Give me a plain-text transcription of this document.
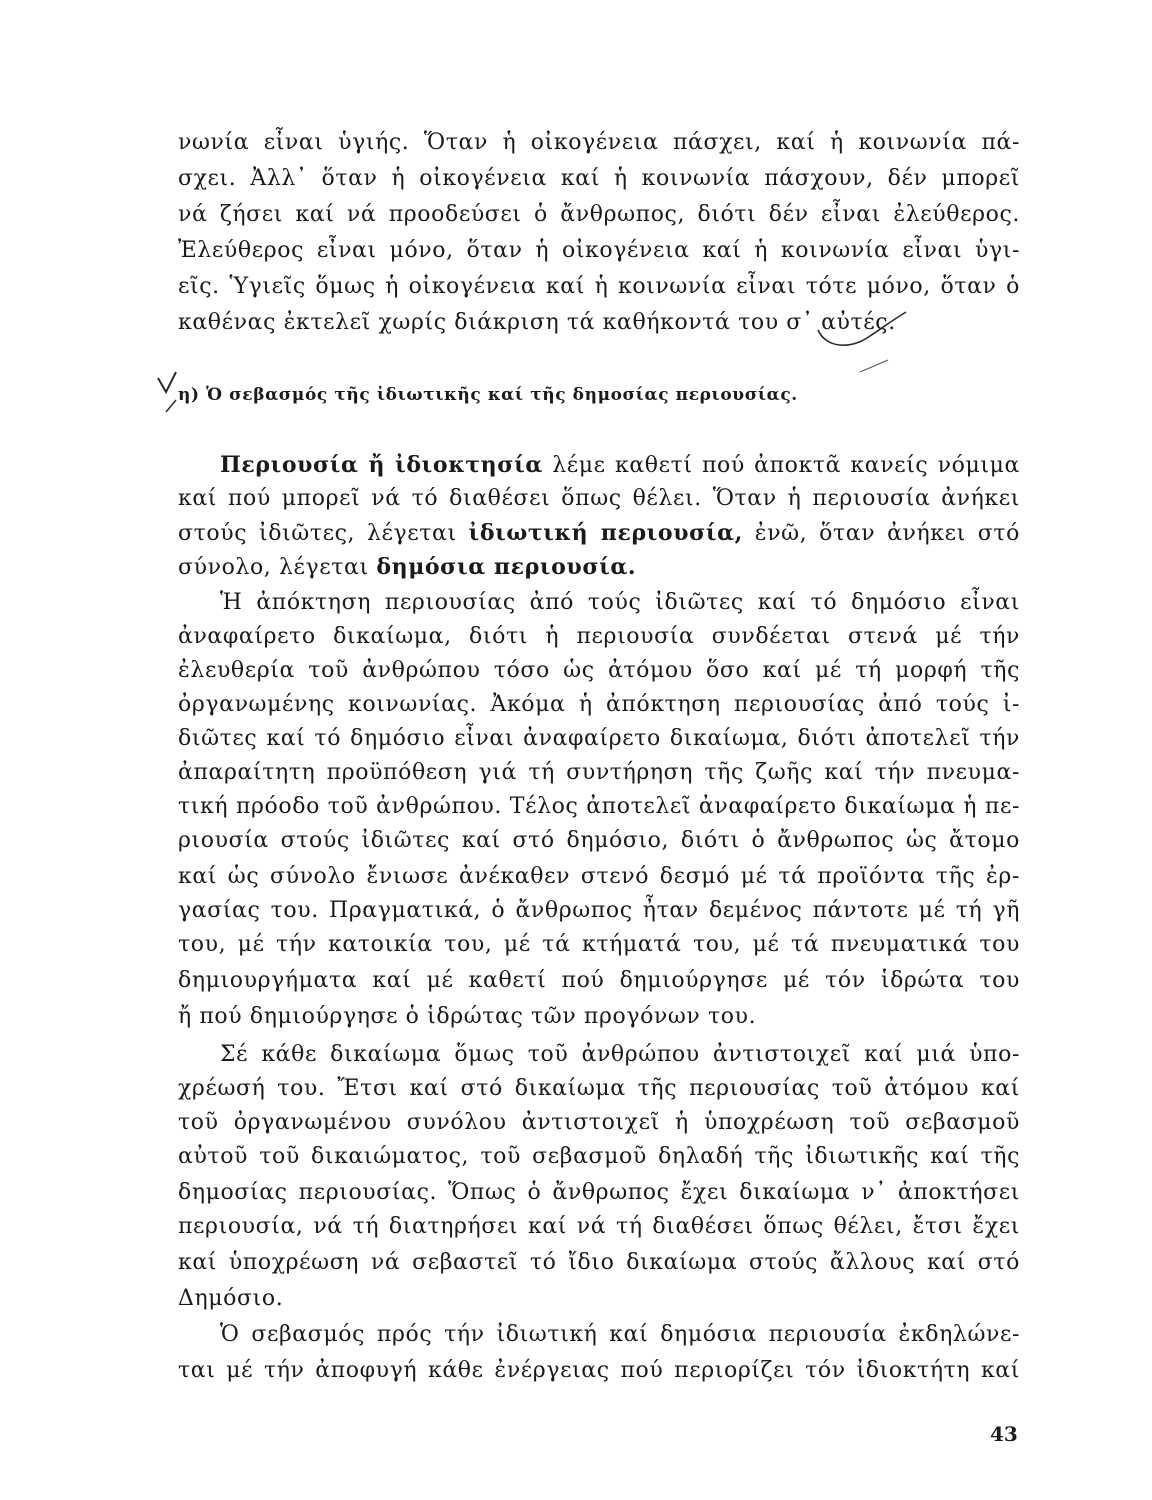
νωνία εἶναι ὑγιής. Ὅταν ἡ οἰκογένεια πάσχει, καί ἡ κοινωνία πά-
σχει. Ἀλλ᾽ ὅταν ἡ οἰκογένεια καί ἡ κοινωνία πάσχουν, δέν μπορεῖ
νά ζήσει καί νά προοδεύσει ὁ ἄνθρωπος, διότι δέν εἶναι ἐλεύθερος.
Ἐλεύθερος εἶναι μόνο, ὅταν ἡ οἰκογένεια καί ἡ κοινωνία εἶναι ὑγι-
εῖς. Ὑγιεῖς ὅμως ἡ οἰκογένεια καί ἡ κοινωνία εἶναι τότε μόνο, ὅταν ὁ
καθένας ἐκτελεῖ χωρίς διάκριση τά καθήκοντά του σ᾽ αὐτές.
η) Ὁ σεβασμός τῆς ἰδιωτικῆς καί τῆς δημοσίας περιουσίας.
Περιουσία ἤ ἰδιοκτησία λέμε καθετί πού ἀποκτᾶ κανείς νόμιμα
καί πού μπορεῖ νά τό διαθέσει ὅπως θέλει. Ὅταν ἡ περιουσία ἀνήκει
στούς ἰδιῶτες, λέγεται ἰδιωτική περιουσία, ἐνῶ, ὅταν ἀνήκει στό
σύνολο, λέγεται δημόσια περιουσία.
Ἡ ἀπόκτηση περιουσίας ἀπό τούς ἰδιῶτες καί τό δημόσιο εἶναι
ἀναφαίρετο δικαίωμα, διότι ἡ περιουσία συνδέεται στενά μέ τήν
ἐλευθερία τοῦ ἀνθρώπου τόσο ὡς ἀτόμου ὅσο καί μέ τή μορφή τῆς
ὀργανωμένης κοινωνίας. Ἀκόμα ἡ ἀπόκτηση περιουσίας ἀπό τούς ἰ-
διῶτες καί τό δημόσιο εἶναι ἀναφαίρετο δικαίωμα, διότι ἀποτελεῖ τήν
ἀπαραίτητη προϋπόθεση γιά τή συντήρηση τῆς ζωῆς καί τήν πνευμα-
τική πρόοδο τοῦ ἀνθρώπου. Τέλος ἀποτελεῖ ἀναφαίρετο δικαίωμα ἡ πε-
ριουσία στούς ἰδιῶτες καί στό δημόσιο, διότι ὁ ἄνθρωπος ὡς ἄτομο
καί ὡς σύνολο ἔνιωσε ἀνέκαθεν στενό δεσμό μέ τά προϊόντα τῆς ἐρ-
γασίας του. Πραγματικά, ὁ ἄνθρωπος ἦταν δεμένος πάντοτε μέ τή γῆ
του, μέ τήν κατοικία του, μέ τά κτήματά του, μέ τά πνευματικά του
δημιουργήματα καί μέ καθετί πού δημιούργησε μέ τόν ἱδρώτα του
ἤ πού δημιούργησε ὁ ἱδρώτας τῶν προγόνων του.
Σέ κάθε δικαίωμα ὅμως τοῦ ἀνθρώπου ἀντιστοιχεῖ καί μιά ὑπο-
χρέωσή του. Ἔτσι καί στό δικαίωμα τῆς περιουσίας τοῦ ἀτόμου καί
τοῦ ὀργανωμένου συνόλου ἀντιστοιχεῖ ἡ ὑποχρέωση τοῦ σεβασμοῦ
αὐτοῦ τοῦ δικαιώματος, τοῦ σεβασμοῦ δηλαδή τῆς ἰδιωτικῆς καί τῆς
δημοσίας περιουσίας. Ὅπως ὁ ἄνθρωπος ἔχει δικαίωμα ν᾽ ἀποκτήσει
περιουσία, νά τή διατηρήσει καί νά τή διαθέσει ὅπως θέλει, ἔτσι ἔχει
καί ὑποχρέωση νά σεβαστεῖ τό ἴδιο δικαίωμα στούς ἄλλους καί στό
Δημόσιο.
Ὁ σεβασμός πρός τήν ἰδιωτική καί δημόσια περιουσία ἐκδηλώνε-
ται μέ τήν ἀποφυγή κάθε ἐνέργειας πού περιορίζει τόν ἰδιοκτήτη καί
43
